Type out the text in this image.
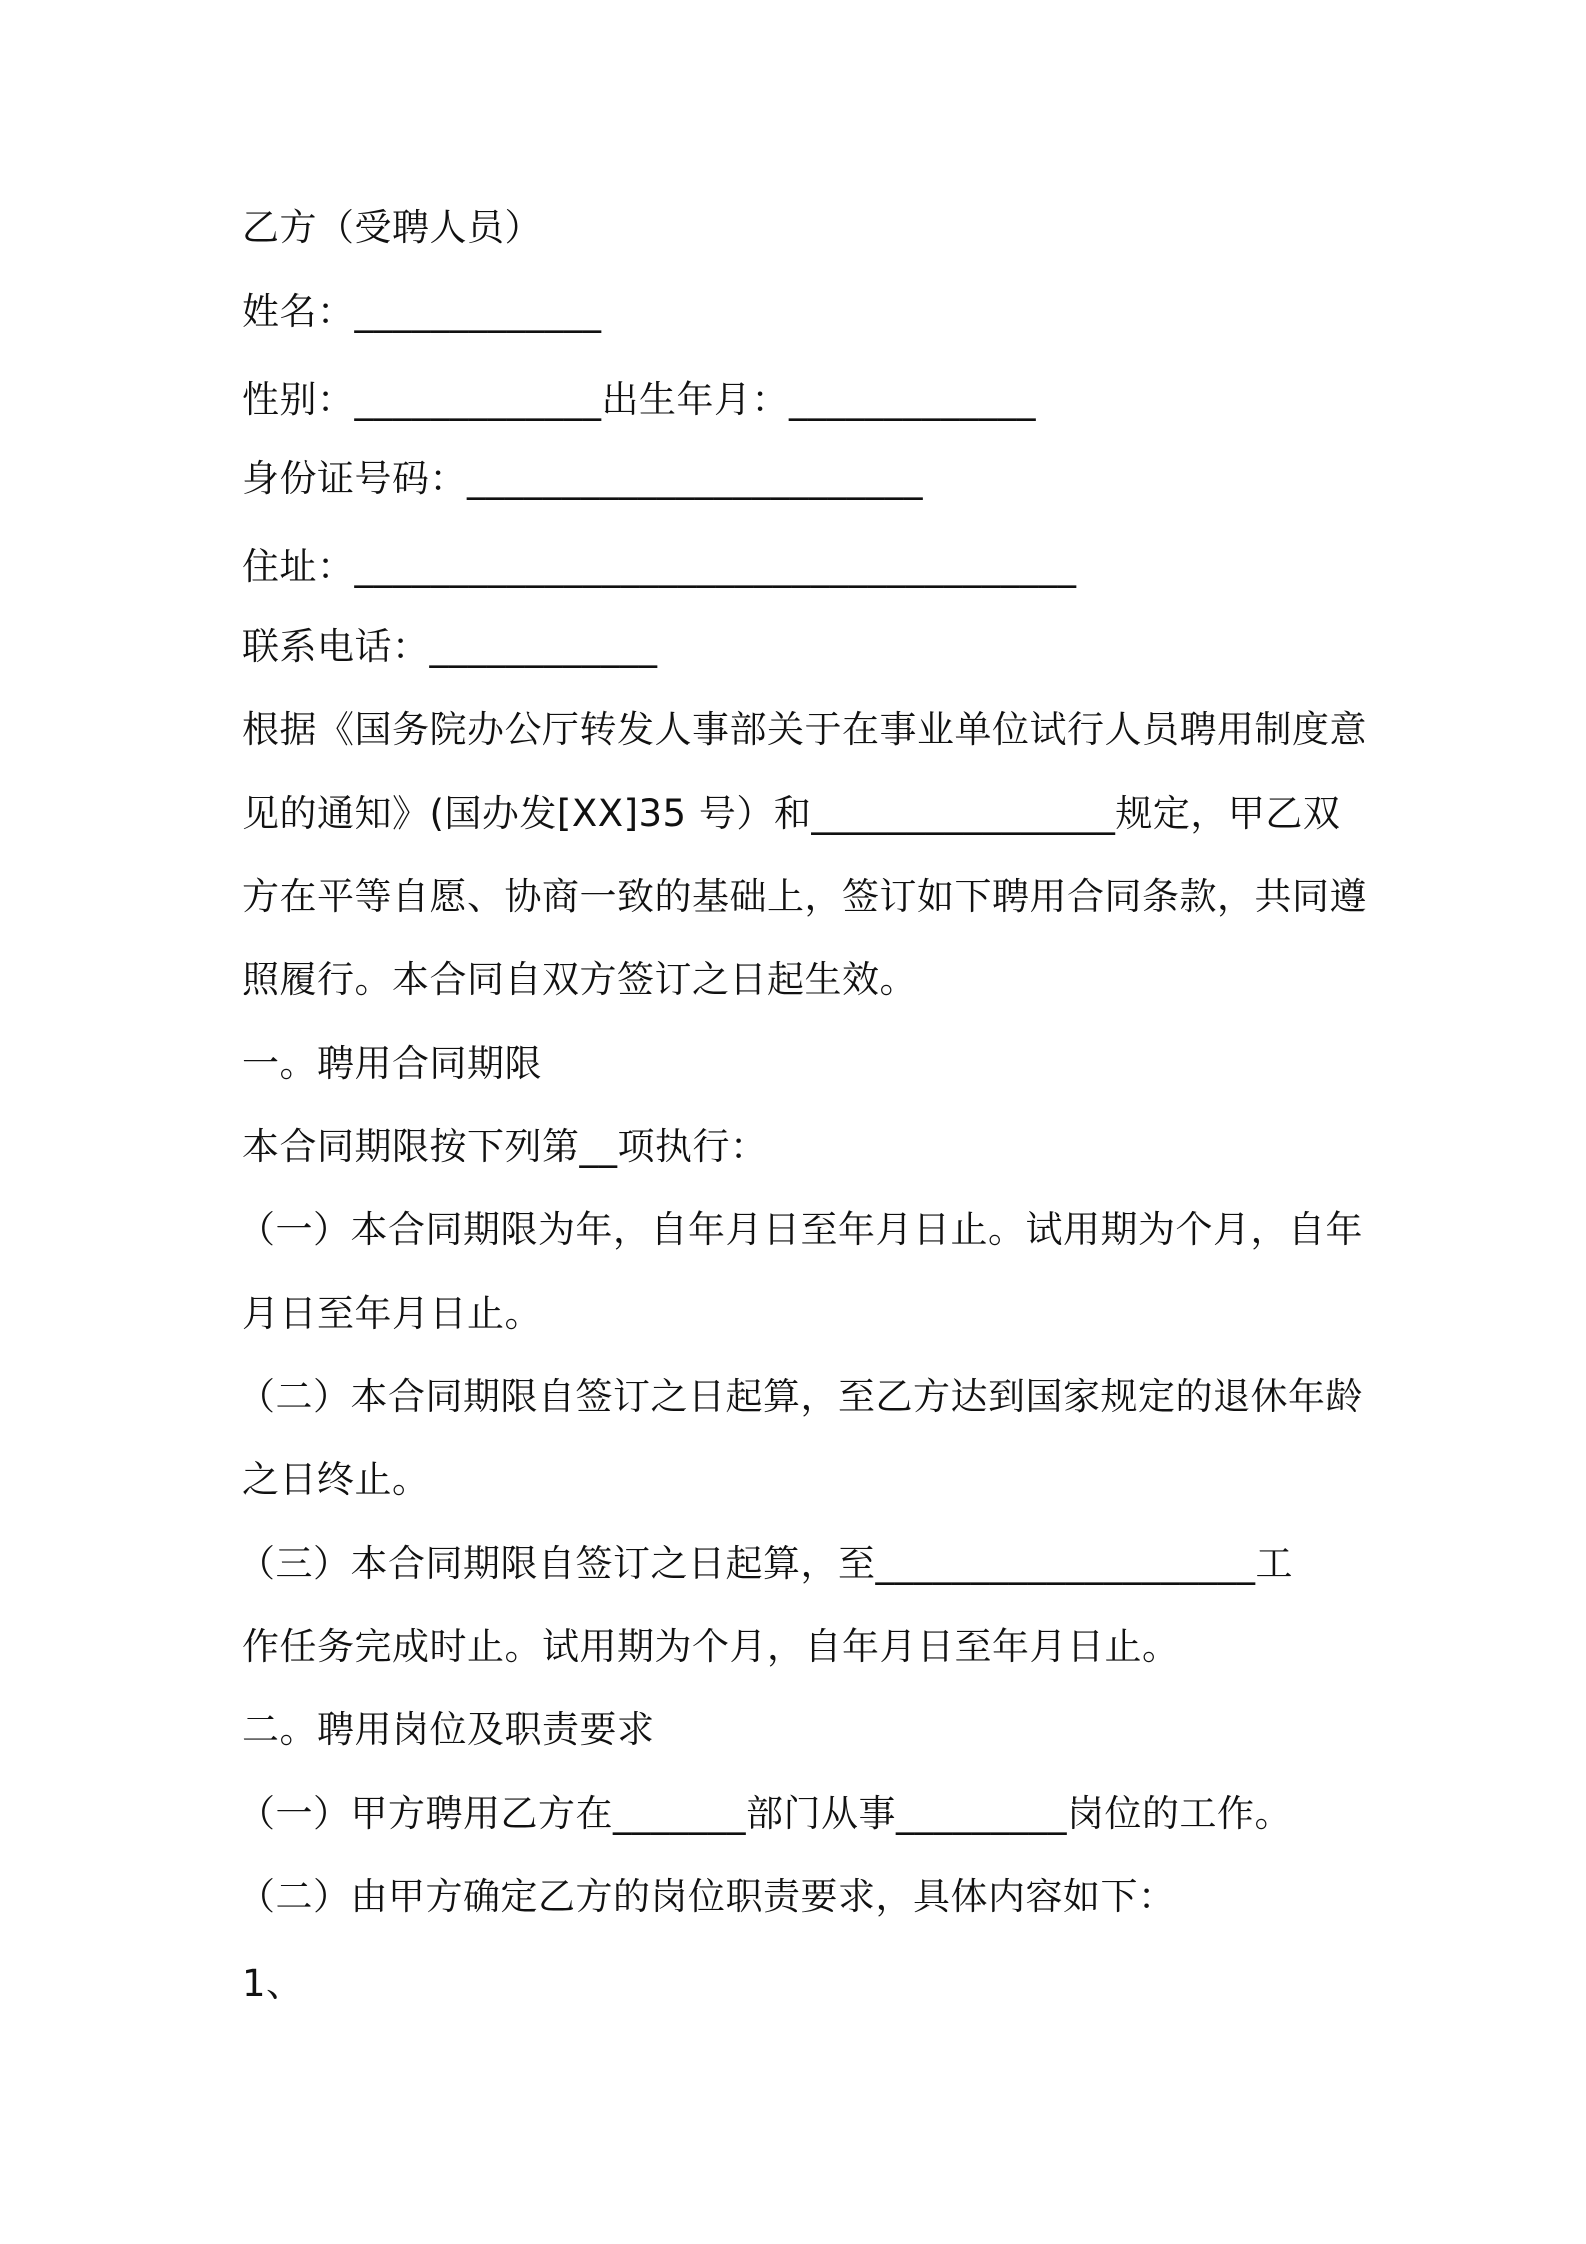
乙方（受聘人员）
姓名：_____________
性别：_____________出生年月：_____________
身份证号码：________________________
住址：______________________________________
联系电话：____________
根据《国务院办公厅转发人事部关于在事业单位试行人员聘用制度意
见的通知》(国办发[XX]35 号）和________________规定，甲乙双
方在平等自愿、协商一致的基础上，签订如下聘用合同条款，共同遵
照履行。本合同自双方签订之日起生效。
一。聘用合同期限
本合同期限按下列第__项执行：
（一）本合同期限为年，自年月日至年月日止。试用期为个月，自年
月日至年月日止。
（二）本合同期限自签订之日起算，至乙方达到国家规定的退休年龄
之日终止。
（三）本合同期限自签订之日起算，至____________________工
作任务完成时止。试用期为个月，自年月日至年月日止。
二。聘用岗位及职责要求
（一）甲方聘用乙方在_______部门从事_________岗位的工作。
（二）由甲方确定乙方的岗位职责要求，具体内容如下：
1、
